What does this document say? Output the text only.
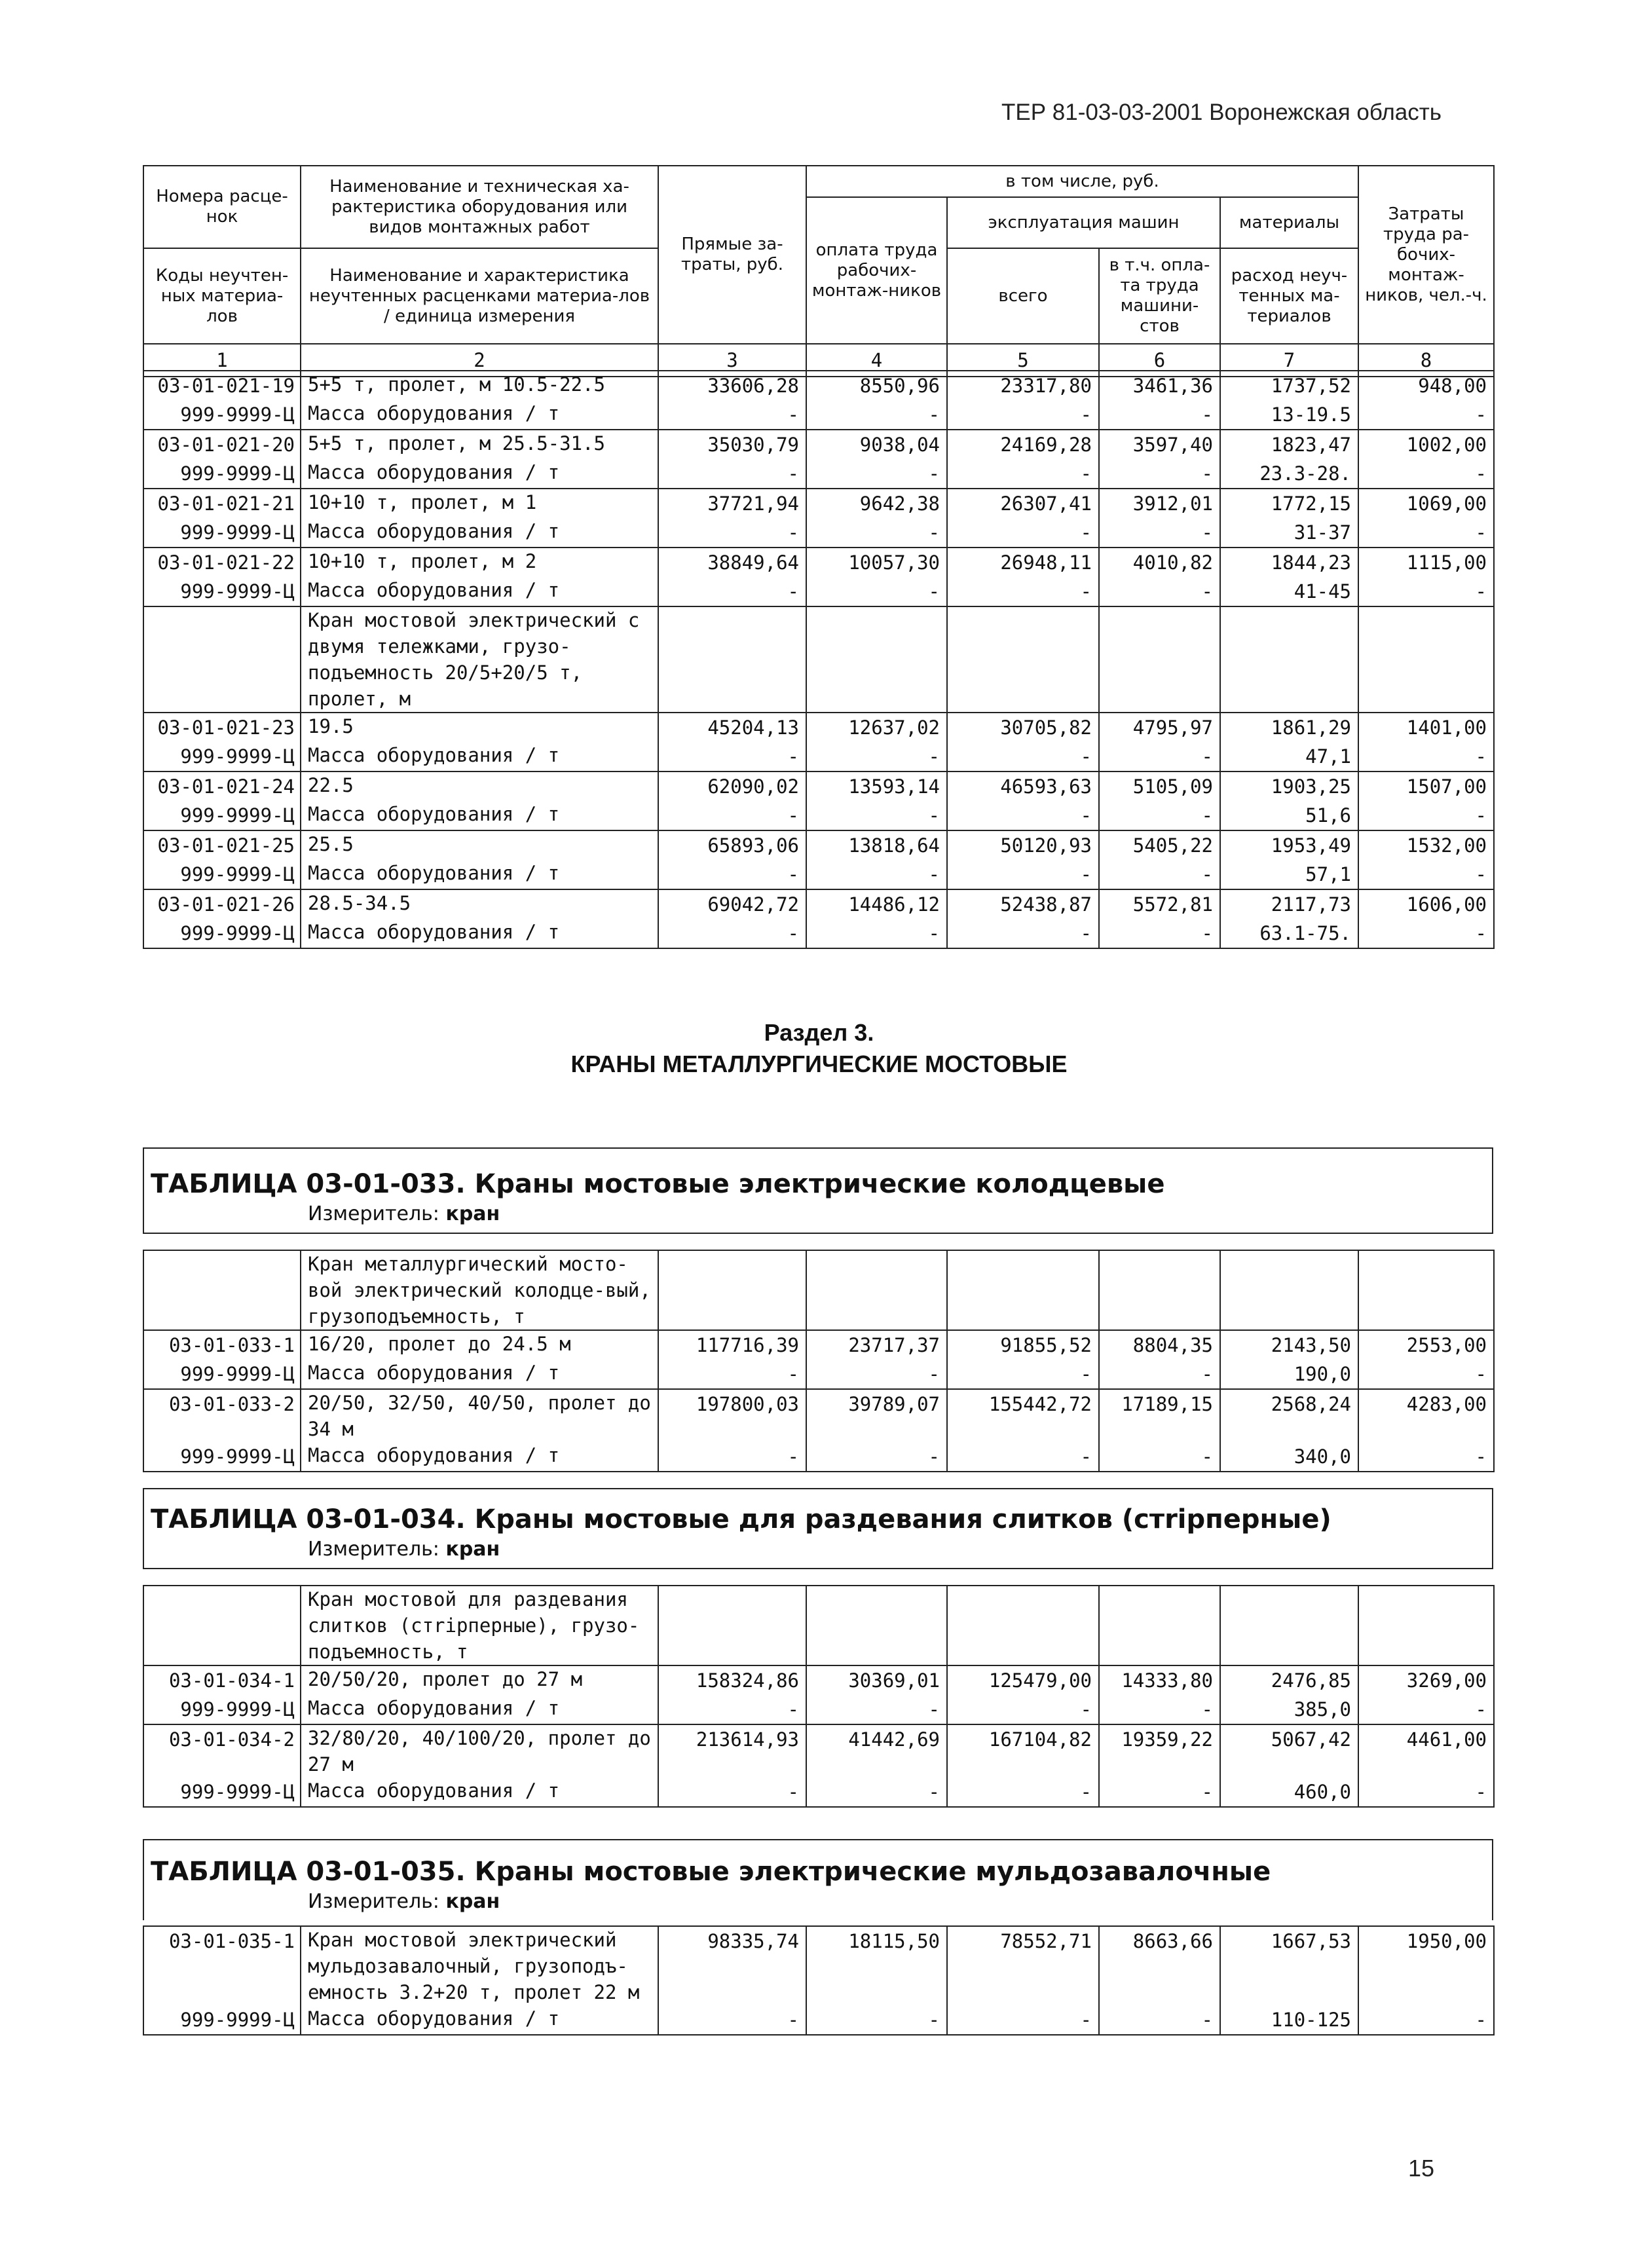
ТЕР 81-03-03-2001 Воронежская область
Номера расце-нок	Наименование и техническая ха-рактеристика оборудования или видов монтажных работ	Прямые за-траты, руб.	в том числе, руб.				Затраты труда ра-бочих-монтаж-ников, чел.-ч.
			оплата труда рабочих-монтаж-ников	эксплуатация машин		материалы	
Коды неучтен-ных материа-лов	Наименование и характеристика неучтенных расценками материа-лов / единица измерения			всего	в т.ч. опла-та труда машини-стов	расход неуч-тенных ма-териалов	

1	2	3	4	5	6	7	8
03-01-021-19	5+5 т, пролет, м 10.5-22.5	33606,28	8550,96	23317,80	3461,36	1737,52	948,00
999-9999-Ц	Масса оборудования / т	-	-	-	-	13-19.5	-
03-01-021-20	5+5 т, пролет, м 25.5-31.5	35030,79	9038,04	24169,28	3597,40	1823,47	1002,00
999-9999-Ц	Масса оборудования / т	-	-	-	-	23.3-28.	-
03-01-021-21	10+10 т, пролет, м 1	37721,94	9642,38	26307,41	3912,01	1772,15	1069,00
999-9999-Ц	Масса оборудования / т	-	-	-	-	31-37	-
03-01-021-22	10+10 т, пролет, м 2	38849,64	10057,30	26948,11	4010,82	1844,23	1115,00
999-9999-Ц	Масса оборудования / т	-	-	-	-	41-45	-
	Кран мостовой электрический с двумя тележками, грузо-подъемность 20/5+20/5 т, пролет, м						
03-01-021-23	19.5	45204,13	12637,02	30705,82	4795,97	1861,29	1401,00
999-9999-Ц	Масса оборудования / т	-	-	-	-	47,1	-
03-01-021-24	22.5	62090,02	13593,14	46593,63	5105,09	1903,25	1507,00
999-9999-Ц	Масса оборудования / т	-	-	-	-	51,6	-
03-01-021-25	25.5	65893,06	13818,64	50120,93	5405,22	1953,49	1532,00
999-9999-Ц	Масса оборудования / т	-	-	-	-	57,1	-
03-01-021-26	28.5-34.5	69042,72	14486,12	52438,87	5572,81	2117,73	1606,00
999-9999-Ц	Масса оборудования / т	-	-	-	-	63.1-75.	-
Раздел 3.
КРАНЫ МЕТАЛЛУРГИЧЕСКИЕ МОСТОВЫЕ
ТАБЛИЦА 03-01-033. Краны мостовые электрические колодцевые
Измеритель: кран
	Кран металлургический мосто-вой электрический колодце-вый, грузоподъемность, т						
03-01-033-1	16/20, пролет до 24.5 м	117716,39	23717,37	91855,52	8804,35	2143,50	2553,00
999-9999-Ц	Масса оборудования / т	-	-	-	-	190,0	-
03-01-033-2	20/50, 32/50, 40/50, пролет до 34 м	197800,03	39789,07	155442,72	17189,15	2568,24	4283,00
999-9999-Ц	Масса оборудования / т	-	-	-	-	340,0	-
ТАБЛИЦА 03-01-034. Краны мостовые для раздевания слитков (стripперные)
Измеритель: кран
	Кран мостовой для раздевания слитков (стripперные), грузо-подъемность, т						
03-01-034-1	20/50/20, пролет до 27 м	158324,86	30369,01	125479,00	14333,80	2476,85	3269,00
999-9999-Ц	Масса оборудования / т	-	-	-	-	385,0	-
03-01-034-2	32/80/20, 40/100/20, пролет до 27 м	213614,93	41442,69	167104,82	19359,22	5067,42	4461,00
999-9999-Ц	Масса оборудования / т	-	-	-	-	460,0	-
ТАБЛИЦА 03-01-035. Краны мостовые электрические мульдозавалочные
Измеритель: кран
03-01-035-1	Кран мостовой электрический мульдозавалочный, грузоподъ-емность 3.2+20 т, пролет 22 м	98335,74	18115,50	78552,71	8663,66	1667,53	1950,00
999-9999-Ц	Масса оборудования / т	-	-	-	-	110-125	-
15
